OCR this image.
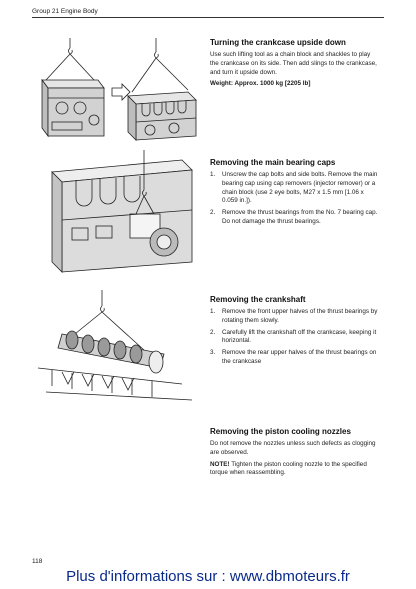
Group 21 Engine Body
Turning the crankcase upside down

Use such lifting tool as a chain block and shackles to play the crankcase on its side. Then add slings to the crankcase, and turn it upside down.

Weight: Approx. 1000 kg [2205 lb]
Removing the main bearing caps
1. Unscrew the cap bolts and side bolts. Remove the main bearing cap using cap removers (injector remover) or a chain block (use 2 eye bolts, M27 x 1.5 mm [1.06 x 0.059 in.]).
2. Remove the thrust bearings from the No. 7 bearing cap. Do not damage the thrust bearings.
Removing the crankshaft
1. Remove the front upper halves of the thrust bearings by rotating them slowly.
2. Carefully lift the crankshaft off the crankcase, keeping it horizontal.
3. Remove the rear upper halves of the thrust bearings on the crankcase
Removing the piston cooling nozzles

Do not remove the nozzles unless such defects as clogging are observed.

NOTE! Tighten the piston cooling nozzle to the specified torque when reassembling.

118
Plus d'informations sur : www.dbmoteurs.fr
